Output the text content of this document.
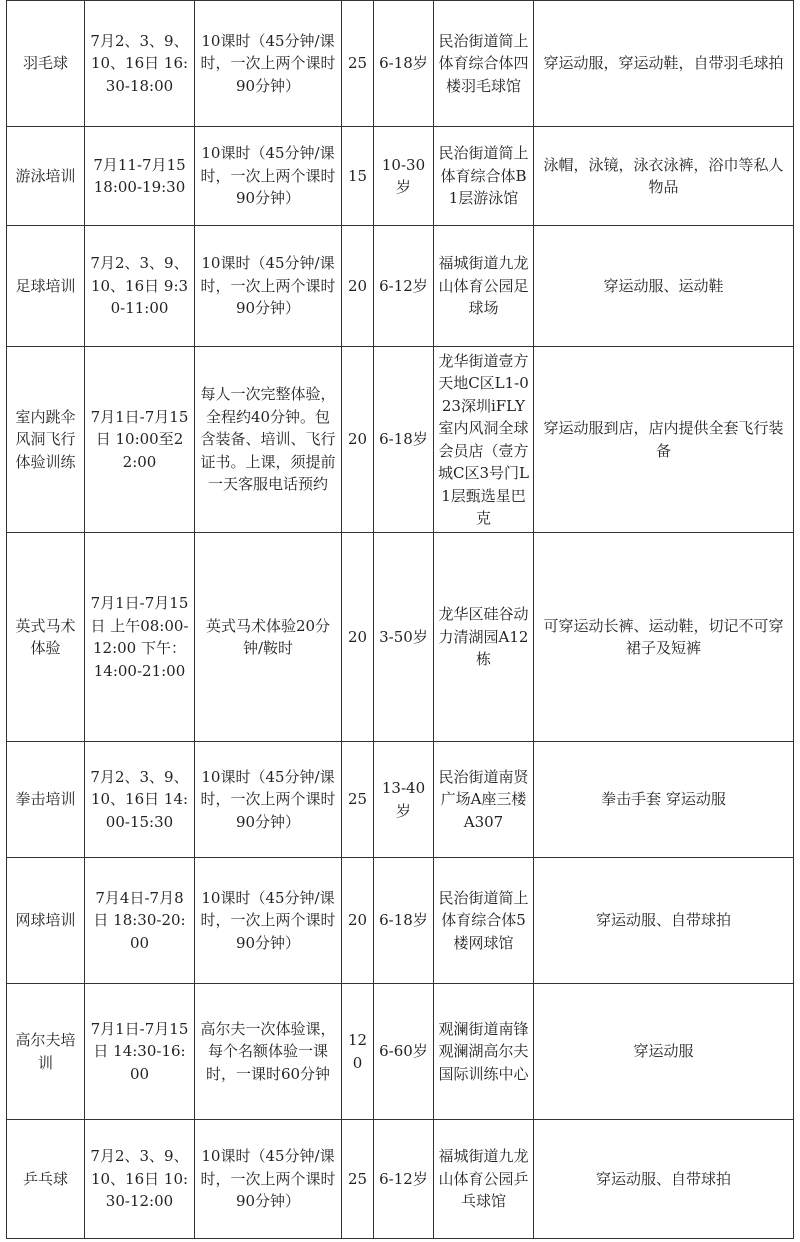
羽毛球	7月2、3、9、10、16日 16:30-18:00	10课时（45分钟/课时，一次上两个课时90分钟）	25	6-18岁	民治街道简上体育综合体四楼羽毛球馆	穿运动服，穿运动鞋，自带羽毛球拍
游泳培训	7月11-7月15 18:00-19:30	10课时（45分钟/课时，一次上两个课时90分钟）	15	10-30岁	民治街道简上体育综合体B1层游泳馆	泳帽，泳镜，泳衣泳裤，浴巾等私人物品
足球培训	7月2、3、9、10、16日 9:30-11:00	10课时（45分钟/课时，一次上两个课时90分钟）	20	6-12岁	福城街道九龙山体育公园足球场	穿运动服、运动鞋
室内跳伞风洞飞行体验训练	7月1日-7月15日 10:00至22:00	每人一次完整体验，全程约40分钟。包含装备、培训、飞行证书。上课，须提前一天客服电话预约	20	6-18岁	龙华街道壹方天地C区L1-023深圳iFLY室内风洞全球会员店（壹方城C区3号门L1层甄选星巴克	穿运动服到店，店内提供全套飞行装备
英式马术体验	7月1日-7月15日 上午08:00-12:00 下午：14:00-21:00	英式马术体验20分钟/鞍时	20	3-50岁	龙华区硅谷动力清湖园A12栋	可穿运动长裤、运动鞋，切记不可穿裙子及短裤
拳击培训	7月2、3、9、10、16日 14:00-15:30	10课时（45分钟/课时，一次上两个课时90分钟）	25	13-40岁	民治街道南贤广场A座三楼A307	拳击手套 穿运动服
网球培训	7月4日-7月8日 18:30-20:00	10课时（45分钟/课时，一次上两个课时90分钟）	20	6-18岁	民治街道简上体育综合体5楼网球馆	穿运动服、自带球拍
高尔夫培训	7月1日-7月15日 14:30-16:00	高尔夫一次体验课，每个名额体验一课时，一课时60分钟	120	6-60岁	观澜街道南锋观澜湖高尔夫国际训练中心	穿运动服
乒乓球	7月2、3、9、10、16日 10:30-12:00	10课时（45分钟/课时，一次上两个课时90分钟）	25	6-12岁	福城街道九龙山体育公园乒乓球馆	穿运动服、自带球拍
